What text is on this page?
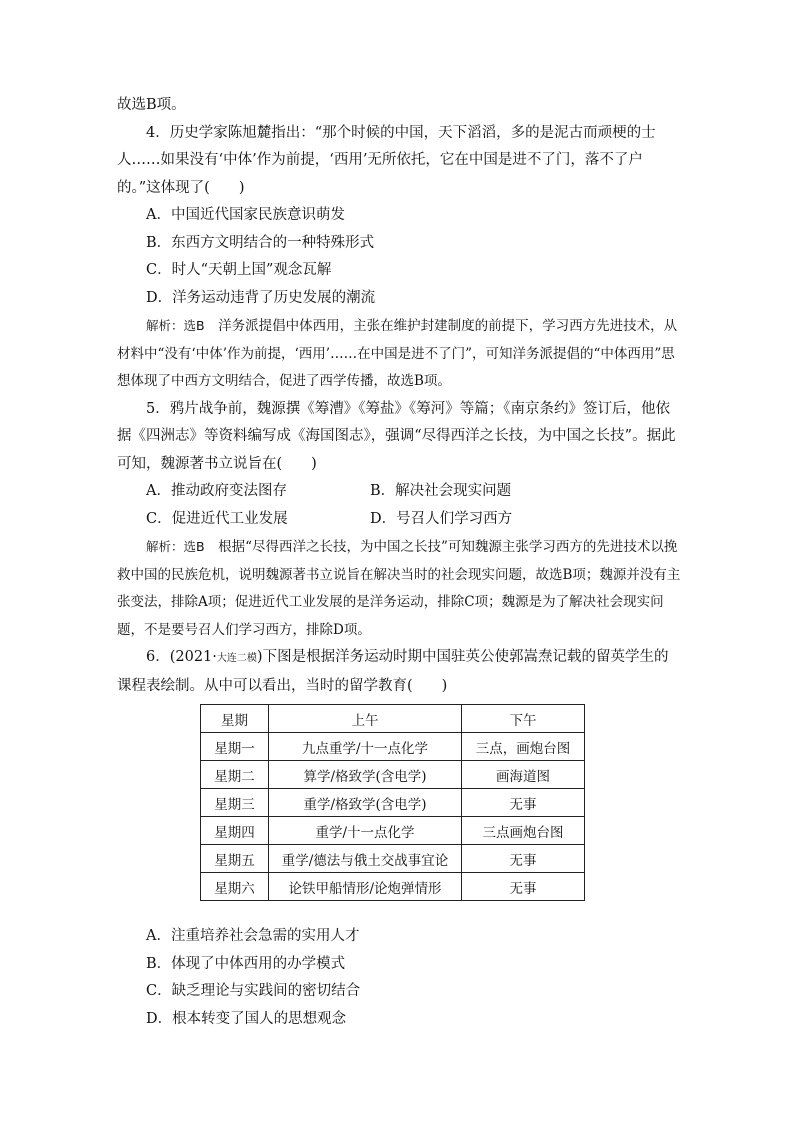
故选B项。

4．历史学家陈旭麓指出：“那个时候的中国，天下滔滔，多的是泥古而顽梗的士人……如果没有‘中体’作为前提，‘西用’无所依托，它在中国是进不了门，落不了户的。”这体现了(　　)

A．中国近代国家民族意识萌发
B．东西方文明结合的一种特殊形式
C．时人“天朝上国”观念瓦解
D．洋务运动违背了历史发展的潮流

解析：选B　 洋务派提倡中体西用，主张在维护封建制度的前提下，学习西方先进技术，从材料中“没有‘中体’作为前提，‘西用’……在中国是进不了门”，可知洋务派提倡的“中体西用”思想体现了中西方文明结合，促进了西学传播，故选B项。

5．鸦片战争前，魏源撰《筹漕》《筹盐》《筹河》等篇；《南京条约》签订后，他依据《四洲志》等资料编写成《海国图志》，强调“尽得西洋之长技，为中国之长技”。据此可知，魏源著书立说旨在(　　)

A．推动政府变法图存	B．解决社会现实问题
C．促进近代工业发展	D．号召人们学习西方

解析：选B　 根据“尽得西洋之长技，为中国之长技”可知魏源主张学习西方的先进技术以挽救中国的民族危机，说明魏源著书立说旨在解决当时的社会现实问题，故选B项；魏源并没有主张变法，排除A项；促进近代工业发展的是洋务运动，排除C项；魏源是为了解决社会现实问题，不是要号召人们学习西方，排除D项。

6．(2021·大连二模)下图是根据洋务运动时期中国驻英公使郭嵩焘记载的留英学生的课程表绘制。从中可以看出，当时的留学教育(　　)

星期	上午	下午
星期一	九点重学/十一点化学	三点，画炮台图
星期二	算学/格致学(含电学)	画海道图
星期三	重学/格致学(含电学)	无事
星期四	重学/十一点化学	三点画炮台图
星期五	重学/德法与俄土交战事宜论	无事
星期六	论铁甲船情形/论炮弹情形	无事
A．注重培养社会急需的实用人才
B．体现了中体西用的办学模式
C．缺乏理论与实践间的密切结合
D．根本转变了国人的思想观念
